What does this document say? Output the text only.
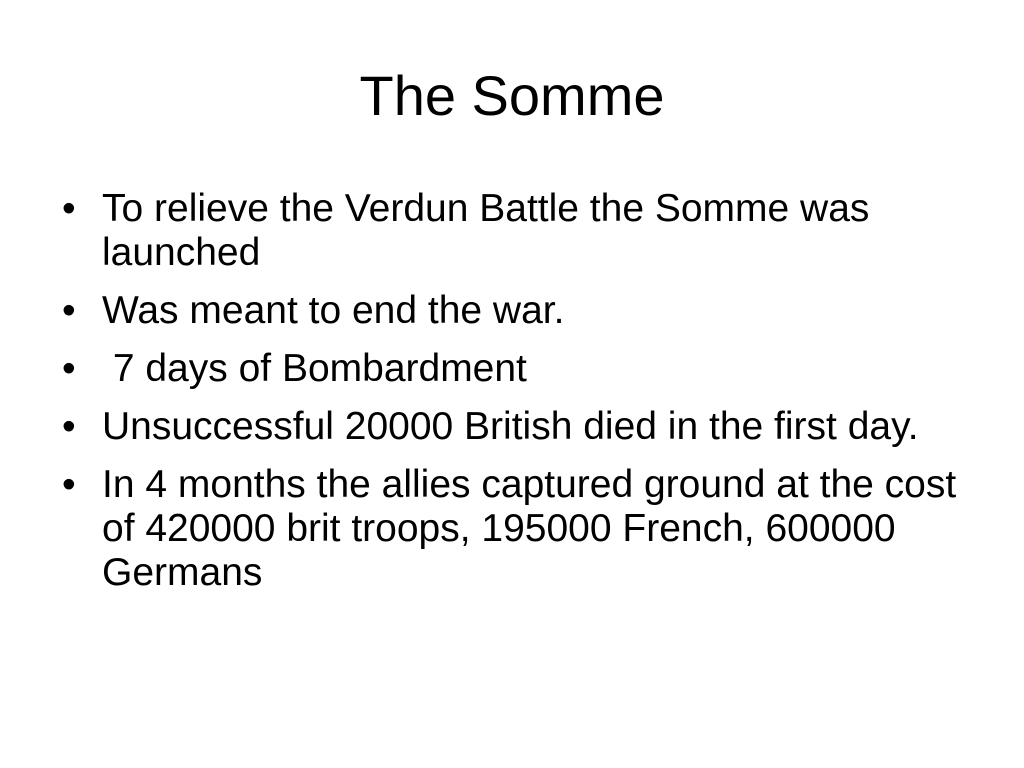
The Somme
• To relieve the Verdun Battle the Somme was launched
• Was meant to end the war.
• 7 days of Bombardment
• Unsuccessful 20000 British died in the first day.
• In 4 months the allies captured ground at the cost of 420000 brit troops, 195000 French, 600000 Germans
